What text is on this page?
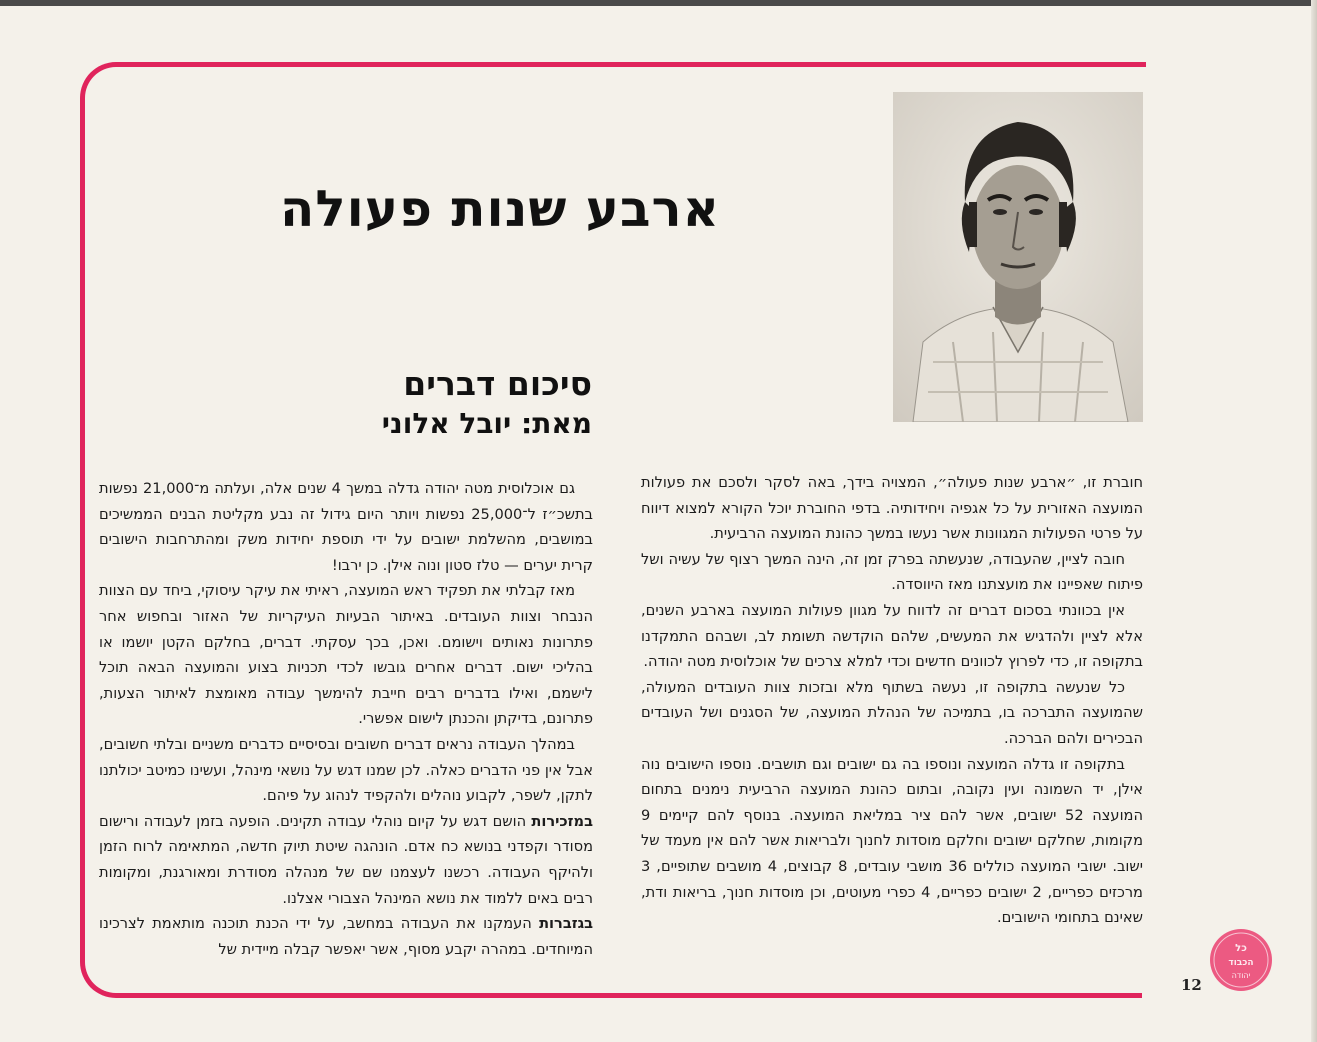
ארבע שנות פעולה
סיכום דברים
מאת: יובל אלוני

חוברת זו, ״ארבע שנות פעולה״, המצויה בידך, באה לסקר ולסכם את פעולות המועצה האזורית על כל אגפיה ויחידותיה. בדפי החוברת יוכל הקורא למצוא דיווח על פרטי הפעולות המגוונות אשר נעשו במשך כהונת המועצה הרביעית.

חובה לציין, שהעבודה, שנעשתה בפרק זמן זה, הינה המשך רצוף של עשיה ושל פיתוח שאפיינו את מועצתנו מאז היווסדה.

אין בכוונתי בסכום דברים זה לדווח על מגוון פעולות המועצה בארבע השנים, אלא לציין ולהדגיש את המעשים, שלהם הוקדשה תשומת לב, ושבהם התמקדנו בתקופה זו, כדי לפרוץ לכוונים חדשים וכדי למלא צרכים של אוכלוסית מטה יהודה.

כל שנעשה בתקופה זו, נעשה בשתוף מלא ובזכות צוות העובדים המעולה, שהמועצה התברכה בו, בתמיכה של הנהלת המועצה, של הסגנים ושל העובדים הבכירים ולהם הברכה.

בתקופה זו גדלה המועצה ונוספו בה גם ישובים וגם תושבים. נוספו הישובים נוה אילן, יד השמונה ועין נקובה, ובתום כהונת המועצה הרביעית נימנים בתחום המועצה 52 ישובים, אשר להם ציר במליאת המועצה. בנוסף להם קיימים 9 מקומות, שחלקם ישובים וחלקם מוסדות לחנוך ולבריאות אשר להם אין מעמד של ישוב. ישובי המועצה כוללים 36 מושבי עובדים, 8 קבוצים, 4 מושבים שתופיים, 3 מרכזים כפריים, 2 ישובים כפריים, 4 כפרי מעוטים, וכן מוסדות חנוך, בריאות ודת, שאינם בתחומי הישובים.

גם אוכלוסית מטה יהודה גדלה במשך 4 שנים אלה, ועלתה מ־21,000 נפשות בתשכ״ז ל־25,000 נפשות ויותר היום גידול זה נבע מקליטת הבנים הממשיכים במושבים, מהשלמת ישובים על ידי תוספת יחידות משק ומהתרחבות הישובים קרית יערים — טלז סטון ונוה אילן. כן ירבו!

מאז קבלתי את תפקיד ראש המועצה, ראיתי את עיקר עיסוקי, ביחד עם הצוות הנבחר וצוות העובדים. באיתור הבעיות העיקריות של האזור ובחפוש אחר פתרונות נאותים וישומם. ואכן, בכך עסקתי. דברים, בחלקם הקטן יושמו או בהליכי ישום. דברים אחרים גובשו לכדי תכניות בצוע והמועצה הבאה תוכל לישמם, ואילו בדברים רבים חייבת להימשך עבודה מאומצת לאיתור הצעות, פתרונם, בדיקתן והכנתן לישום אפשרי.

במהלך העבודה נראים דברים חשובים ובסיסיים כדברים משניים ובלתי חשובים, אבל אין פני הדברים כאלה. לכן שמנו דגש על נושאי מינהל, ועשינו כמיטב יכולתנו לתקן, לשפר, לקבוע נוהלים ולהקפיד לנהוג על פיהם.

במזכירות הושם דגש על קיום נוהלי עבודה תקינים. הופעה בזמן לעבודה ורישום מסודר וקפדני בנושא כח אדם. הונהגה שיטת תיוק חדשה, המתאימה לרוח הזמן ולהיקף העבודה. רכשנו לעצמנו שם של מנהלה מסודרת ומאורגנת, ומקומות רבים באים ללמוד את נושא המינהל הצבורי אצלנו.

בגזברות העמקנו את העבודה במחשב, על ידי הכנת תוכנה מותאמת לצרכינו המיוחדים. במהרה יקבע מסוף, אשר יאפשר קבלה מיידית של

12
כל
הכבוד
יהודה
